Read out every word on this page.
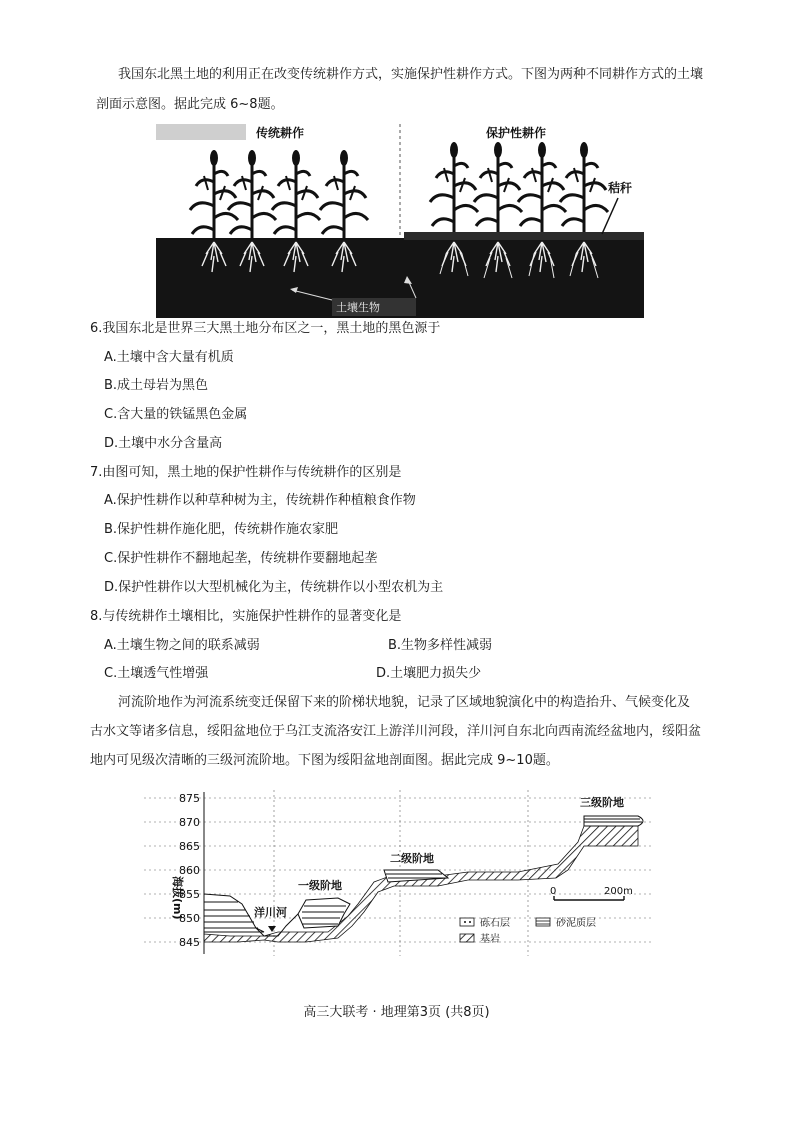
我国东北黑土地的利用正在改变传统耕作方式，实施保护性耕作方式。下图为两种不同耕作方式的土壤
剖面示意图。据此完成 6~8题。
传统耕作	保护性耕作
秸秆
土壤生物
6.我国东北是世界三大黑土地分布区之一，黑土地的黑色源于
A.土壤中含大量有机质
B.成土母岩为黑色
C.含大量的铁锰黑色金属
D.土壤中水分含量高
7.由图可知，黑土地的保护性耕作与传统耕作的区别是
A.保护性耕作以种草种树为主，传统耕作种植粮食作物
B.保护性耕作施化肥，传统耕作施农家肥
C.保护性耕作不翻地起垄，传统耕作要翻地起垄
D.保护性耕作以大型机械化为主，传统耕作以小型农机为主
8.与传统耕作土壤相比，实施保护性耕作的显著变化是
A.土壤生物之间的联系减弱	B.生物多样性减弱
C.土壤透气性增强	D.土壤肥力损失少
河流阶地作为河流系统变迁保留下来的阶梯状地貌，记录了区域地貌演化中的构造抬升、气候变化及
古水文等诸多信息，绥阳盆地位于乌江支流洛安江上游洋川河段，洋川河自东北向西南流经盆地内，绥阳盆
地内可见级次清晰的三级河流阶地。下图为绥阳盆地剖面图。据此完成 9~10题。
875
870
865
860
855
850
845
海拔(m)	一级阶地
二级阶地
三级阶地
洋川河
0	200m
砾石层	砂泥质层
基岩
高三大联考 · 地理第3页 (共8页)
